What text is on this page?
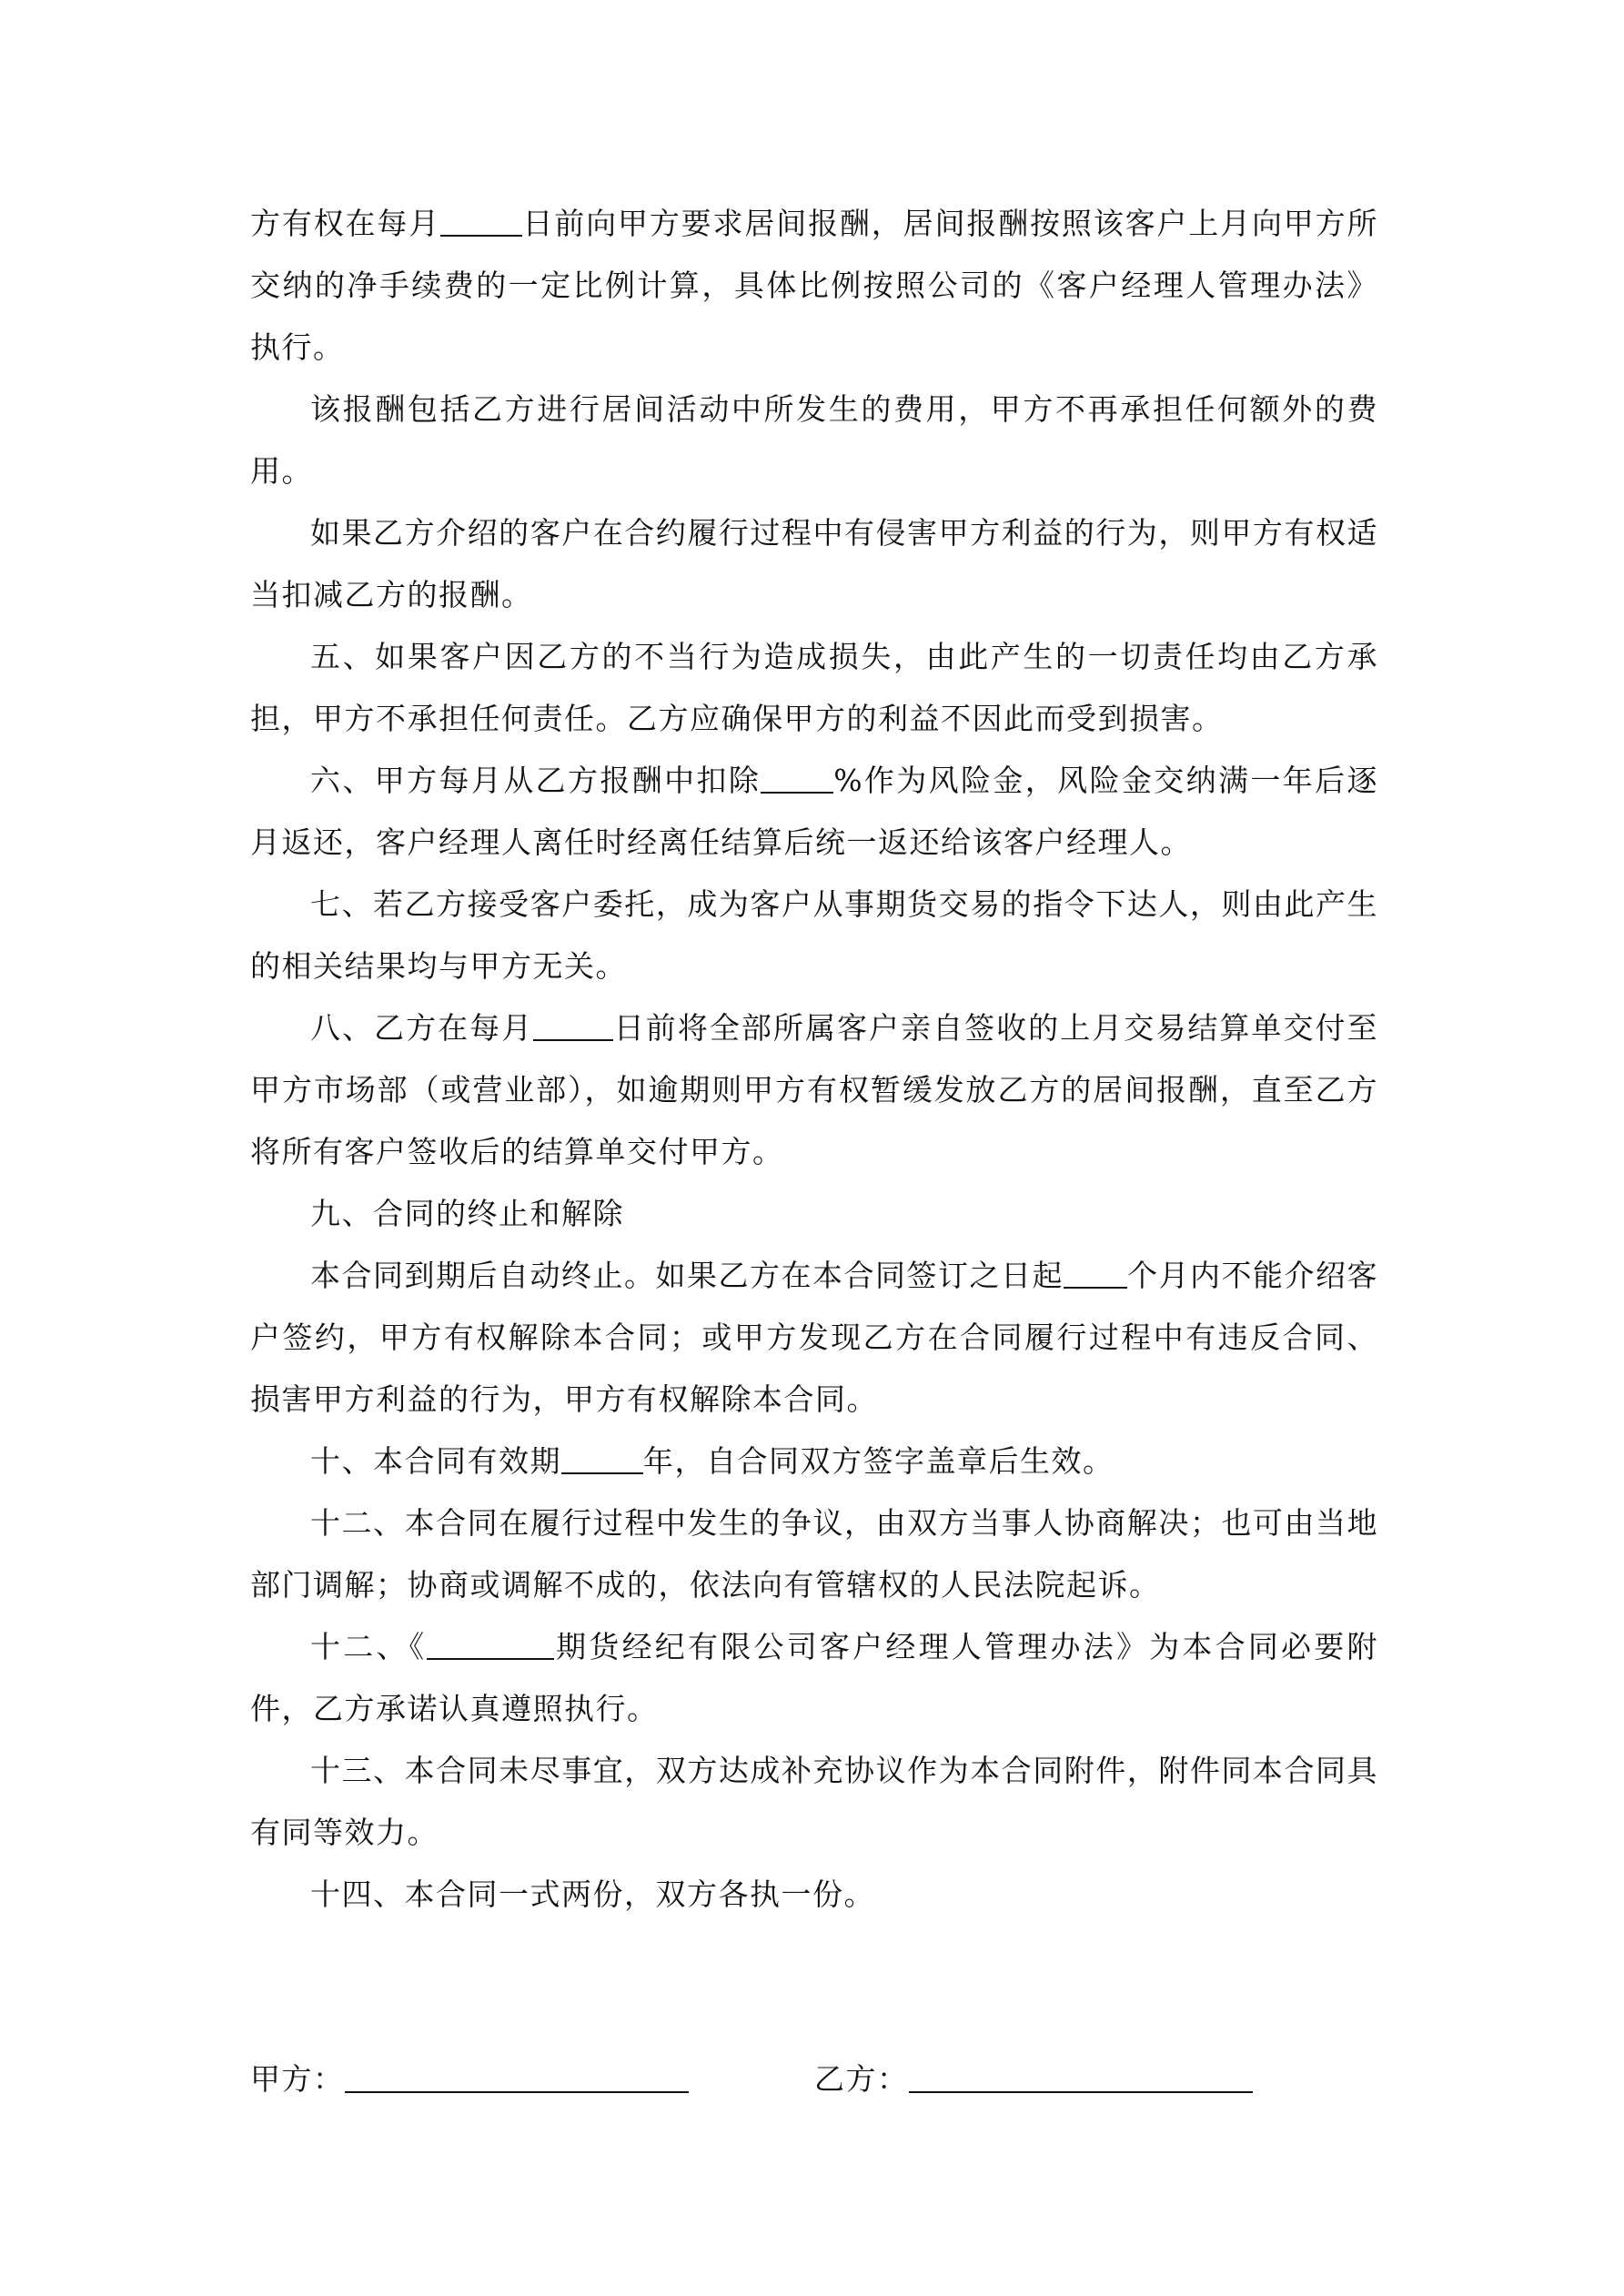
方有权在每月	日前向甲方要求居间报酬，居间报酬按照该客户上月向甲方所交纳的净手续费的一定比例计算，具体比例按照公司的《客户经理人管理办法》执行。

该报酬包括乙方进行居间活动中所发生的费用，甲方不再承担任何额外的费用。

如果乙方介绍的客户在合约履行过程中有侵害甲方利益的行为，则甲方有权适当扣减乙方的报酬。

五、如果客户因乙方的不当行为造成损失，由此产生的一切责任均由乙方承担，甲方不承担任何责任。乙方应确保甲方的利益不因此而受到损害。

六、甲方每月从乙方报酬中扣除 %作为风险金，风险金交纳满一年后逐月返还，客户经理人离任时经离任结算后统一返还给该客户经理人。

七、若乙方接受客户委托，成为客户从事期货交易的指令下达人，则由此产生的相关结果均与甲方无关。

八、乙方在每月	日前将全部所属客户亲自签收的上月交易结算单交付至甲方市场部（或营业部），如逾期则甲方有权暂缓发放乙方的居间报酬，直至乙方将所有客户签收后的结算单交付甲方。

九、合同的终止和解除

本合同到期后自动终止。如果乙方在本合同签订之日起 个月内不能介绍客户签约，甲方有权解除本合同；或甲方发现乙方在合同履行过程中有违反合同、损害甲方利益的行为，甲方有权解除本合同。

十、本合同有效期	年，自合同双方签字盖章后生效。

十二、本合同在履行过程中发生的争议，由双方当事人协商解决；也可由当地部门调解；协商或调解不成的，依法向有管辖权的人民法院起诉。

十二、《	期货经纪有限公司客户经理人管理办法》为本合同必要附件，乙方承诺认真遵照执行。

十三、本合同未尽事宜，双方达成补充协议作为本合同附件，附件同本合同具有同等效力。

十四、本合同一式两份，双方各执一份。

甲方：	乙方：
